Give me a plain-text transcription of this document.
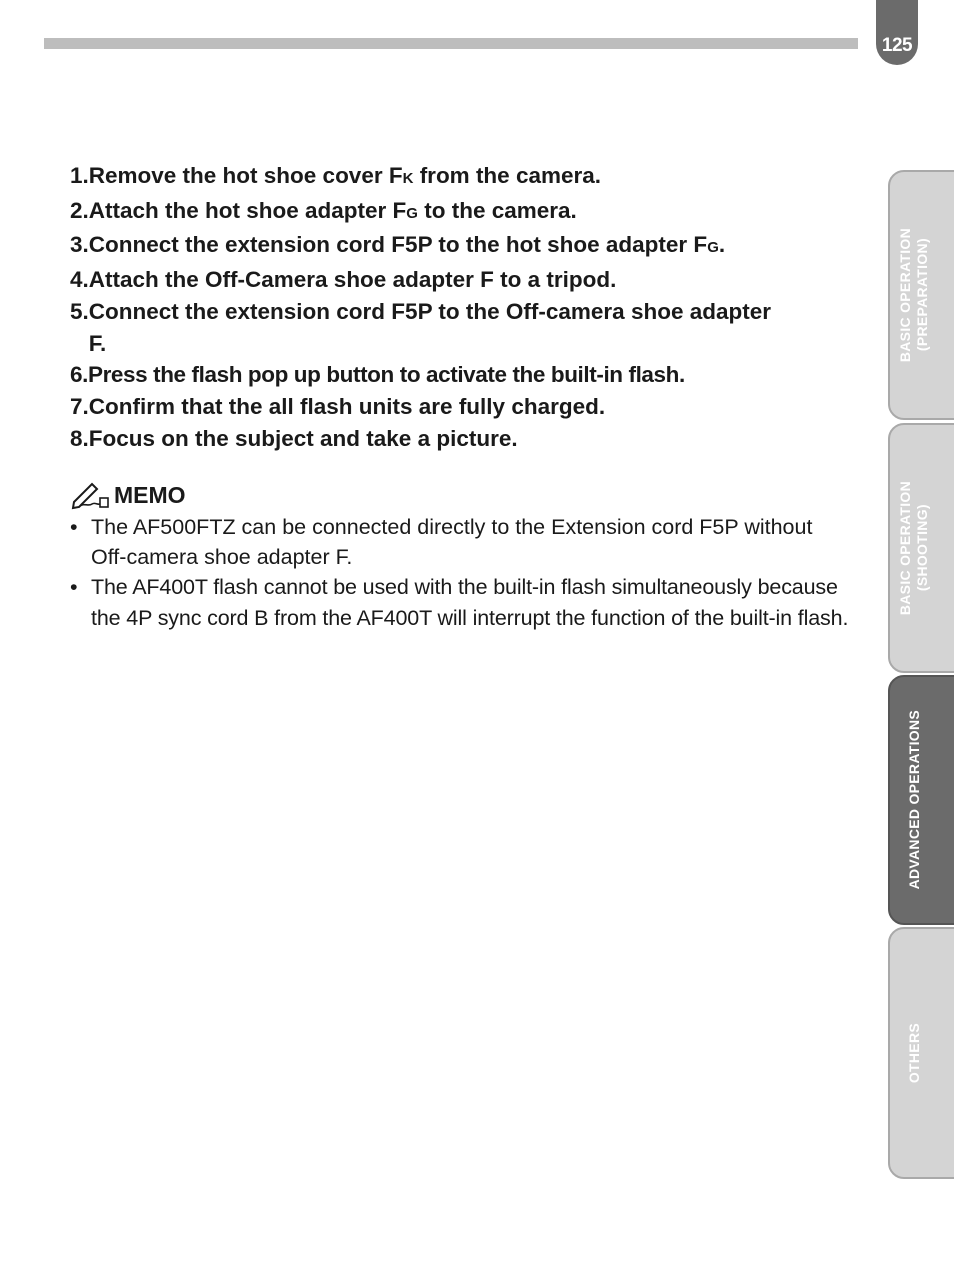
125
1. Remove the hot shoe cover FK from the camera.
2. Attach the hot shoe adapter FG to the camera.
3. Connect the extension cord F5P to the hot shoe adapter FG.
4. Attach the Off-Camera shoe adapter F to a tripod.
5. Connect the extension cord F5P to the Off-camera shoe adapter F.
6. Press the flash pop up button to activate the built-in flash.
7. Confirm that the all flash units are fully charged.
8. Focus on the subject and take a picture.
MEMO
• The AF500FTZ can be connected directly to the Extension cord F5P without Off-camera shoe adapter F.
• The AF400T flash cannot be used with the built-in flash simultaneously because the 4P sync cord B from the AF400T will interrupt the function of the built-in flash.
BASIC OPERATION
(PREPARATION)
BASIC OPERATION
(SHOOTING)
ADVANCED OPERATIONS
OTHERS
